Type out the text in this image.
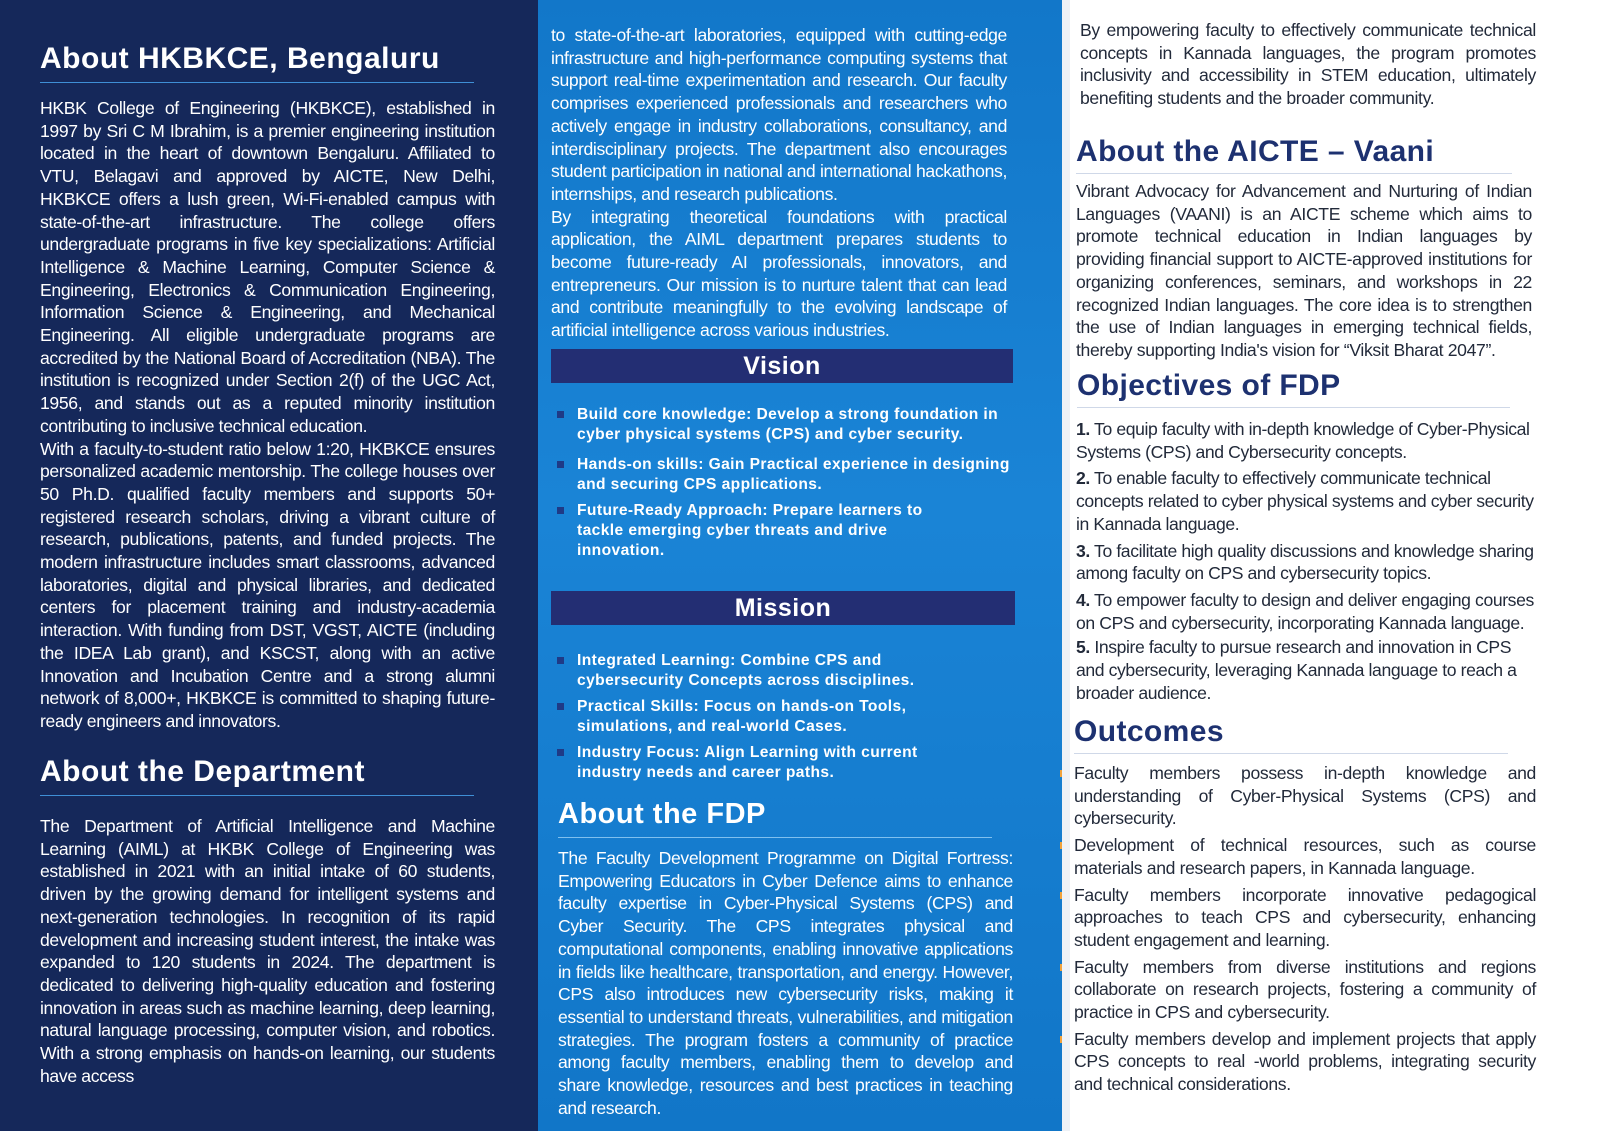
About HKBKCE, Bengaluru

HKBK College of Engineering (HKBKCE), established in 1997 by Sri C M Ibrahim, is a premier engineering institution located in the heart of downtown Bengaluru. Affiliated to VTU, Belagavi and approved by AICTE, New Delhi, HKBKCE offers a lush green, Wi-Fi-enabled campus with state-of-the-art infrastructure. The college offers undergraduate programs in five key specializations: Artificial Intelligence & Machine Learning, Computer Science & Engineering, Electronics & Communication Engineering, Information Science & Engineering, and Mechanical Engineering. All eligible undergraduate programs are accredited by the National Board of Accreditation (NBA). The institution is recognized under Section 2(f) of the UGC Act, 1956, and stands out as a reputed minority institution contributing to inclusive technical education.

With a faculty-to-student ratio below 1:20, HKBKCE ensures personalized academic mentorship. The college houses over 50 Ph.D. qualified faculty members and supports 50+ registered research scholars, driving a vibrant culture of research, publications, patents, and funded projects. The modern infrastructure includes smart classrooms, advanced laboratories, digital and physical libraries, and dedicated centers for placement training and industry-academia interaction. With funding from DST, VGST, AICTE (including the IDEA Lab grant), and KSCST, along with an active Innovation and Incubation Centre and a strong alumni network of 8,000+, HKBKCE is committed to shaping future-ready engineers and innovators.

About the Department

The Department of Artificial Intelligence and Machine Learning (AIML) at HKBK College of Engineering was established in 2021 with an initial intake of 60 students, driven by the growing demand for intelligent systems and next-generation technologies. In recognition of its rapid development and increasing student interest, the intake was expanded to 120 students in 2024. The department is dedicated to delivering high-quality education and fostering innovation in areas such as machine learning, deep learning, natural language processing, computer vision, and robotics. With a strong emphasis on hands-on learning, our students have access

to state-of-the-art laboratories, equipped with cutting-edge infrastructure and high-performance computing systems that support real-time experimentation and research. Our faculty comprises experienced professionals and researchers who actively engage in industry collaborations, consultancy, and interdisciplinary projects. The department also encourages student participation in national and international hackathons, internships, and research publications.

By integrating theoretical foundations with practical application, the AIML department prepares students to become future-ready AI professionals, innovators, and entrepreneurs. Our mission is to nurture talent that can lead and contribute meaningfully to the evolving landscape of artificial intelligence across various industries.

Vision
Build core knowledge: Develop a strong foundation in cyber physical systems (CPS) and cyber security.
Hands-on skills: Gain Practical experience in designing and securing CPS applications.
Future-Ready Approach: Prepare learners to tackle emerging cyber threats and drive innovation.
Mission
Integrated Learning: Combine CPS and cybersecurity Concepts across disciplines.
Practical Skills: Focus on hands-on Tools, simulations, and real-world Cases.
Industry Focus: Align Learning with current industry needs and career paths.
About the FDP

The Faculty Development Programme on Digital Fortress: Empowering Educators in Cyber Defence aims to enhance faculty expertise in Cyber-Physical Systems (CPS) and Cyber Security. The CPS integrates physical and computational components, enabling innovative applications in fields like healthcare, transportation, and energy. However, CPS also introduces new cybersecurity risks, making it essential to understand threats, vulnerabilities, and mitigation strategies. The program fosters a community of practice among faculty members, enabling them to develop and share knowledge, resources and best practices in teaching and research.

By empowering faculty to effectively communicate technical concepts in Kannada languages, the program promotes inclusivity and accessibility in STEM education, ultimately benefiting students and the broader community.

About the AICTE – Vaani

Vibrant Advocacy for Advancement and Nurturing of Indian Languages (VAANI) is an AICTE scheme which aims to promote technical education in Indian languages by providing financial support to AICTE-approved institutions for organizing conferences, seminars, and workshops in 22 recognized Indian languages. The core idea is to strengthen the use of Indian languages in emerging technical fields, thereby supporting India's vision for “Viksit Bharat 2047”.

Objectives of FDP
1. To equip faculty with in-depth knowledge of Cyber-Physical Systems (CPS) and Cybersecurity concepts.
2. To enable faculty to effectively communicate technical concepts related to cyber physical systems and cyber security in Kannada language.
3. To facilitate high quality discussions and knowledge sharing among faculty on CPS and cybersecurity topics.
4. To empower faculty to design and deliver engaging courses on CPS and cybersecurity, incorporating Kannada language.
5. Inspire faculty to pursue research and innovation in CPS and cybersecurity, leveraging Kannada language to reach a broader audience.
Outcomes
Faculty members possess in-depth knowledge and understanding of Cyber-Physical Systems (CPS) and cybersecurity.
Development of technical resources, such as course materials and research papers, in Kannada language.
Faculty members incorporate innovative pedagogical approaches to teach CPS and cybersecurity, enhancing student engagement and learning.
Faculty members from diverse institutions and regions collaborate on research projects, fostering a community of practice in CPS and cybersecurity.
Faculty members develop and implement projects that apply CPS concepts to real -world problems, integrating security and technical considerations.
